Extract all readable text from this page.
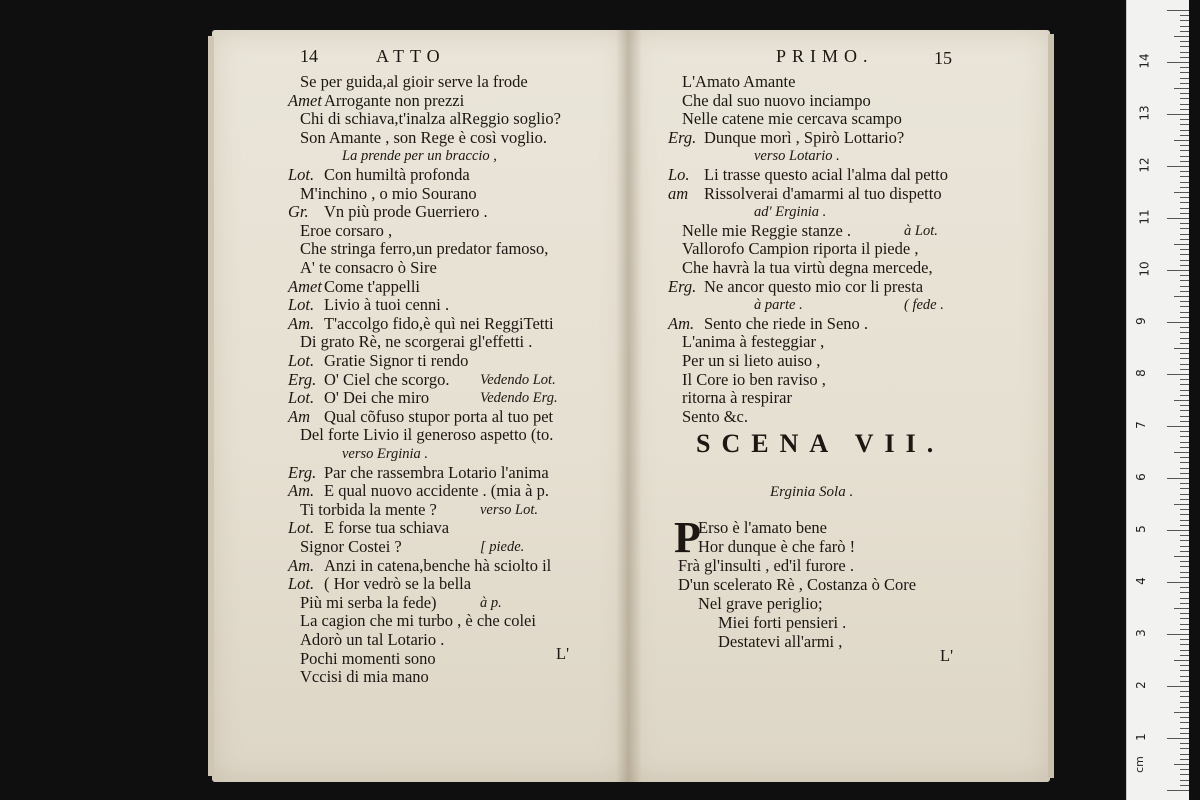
14	ATTO
L'
Se per guida,al gioir serve la frode
Amet Arrogante non prezzi
Chi di schiava,t'inalza alReggio soglio?
Son Amante , son Rege è così voglio.
La prende per un braccio ,
Lot. Con humiltà profonda
M'inchino , o mio Sourano
Gr. Vn più prode Guerriero .
Eroe corsaro ,
Che stringa ferro,un predator famoso,
A' te consacro ò Sire
Amet Come t'appelli
Lot. Livio à tuoi cenni .
Am. T'accolgo fido,è quì nei ReggiTetti
Di grato Rè, ne scorgerai gl'effetti .
Lot. Gratie Signor ti rendo
Erg. O' Ciel che scorgo. Vedendo Lot.
Lot. O' Dei che miro	Vedendo Erg.
Am Qual cõfuso stupor porta al tuo pet
Del forte Livio il generoso aspetto (to.
verso Erginia .
Erg. Par che rassembra Lotario l'anima
Am. E qual nuovo accidente . (mia à p.
Ti torbida la mente ?	verso Lot.
Lot. E forse tua schiava
Signor Costei ?	[ piede.
Am. Anzi in catena,benche hà sciolto il
Lot. ( Hor vedrò se la bella
Più mi serba la fede)	à p.
La cagion che mi turbo , è che colei
Adorò un tal Lotario .
Pochi momenti sono
Vccisi di mia mano
PRIMO.	15
SCENA VII.
Erginia Sola .
P
L'
L'Amato Amante
Che dal suo nuovo inciampo
Nelle catene mie cercava scampo
Erg. Dunque morì , Spirò Lottario?
verso Lotario .
Lo. Li trasse questo acial l'alma dal petto
am Rissolverai d'amarmi al tuo dispetto
ad' Erginia .
Nelle mie Reggie stanze .	à Lot.
Vallorofo Campion riporta il piede ,
Che havrà la tua virtù degna mercede,
Erg. Ne ancor questo mio cor li presta
à parte .	( fede .
Am. Sento che riede in Seno .
L'anima à festeggiar ,
Per un si lieto auiso ,
Il Core io ben raviso ,
ritorna à respirar
Sento &c.
Erso è l'amato bene
Hor dunque è che farò !
Frà gl'insulti , ed'il furore .
D'un scelerato Rè , Costanza ò Core
Nel grave periglio;
Miei forti pensieri .
Destatevi all'armi ,
cm
1
2
3
4
5
6
7
8
9
10
11
12
13
14
